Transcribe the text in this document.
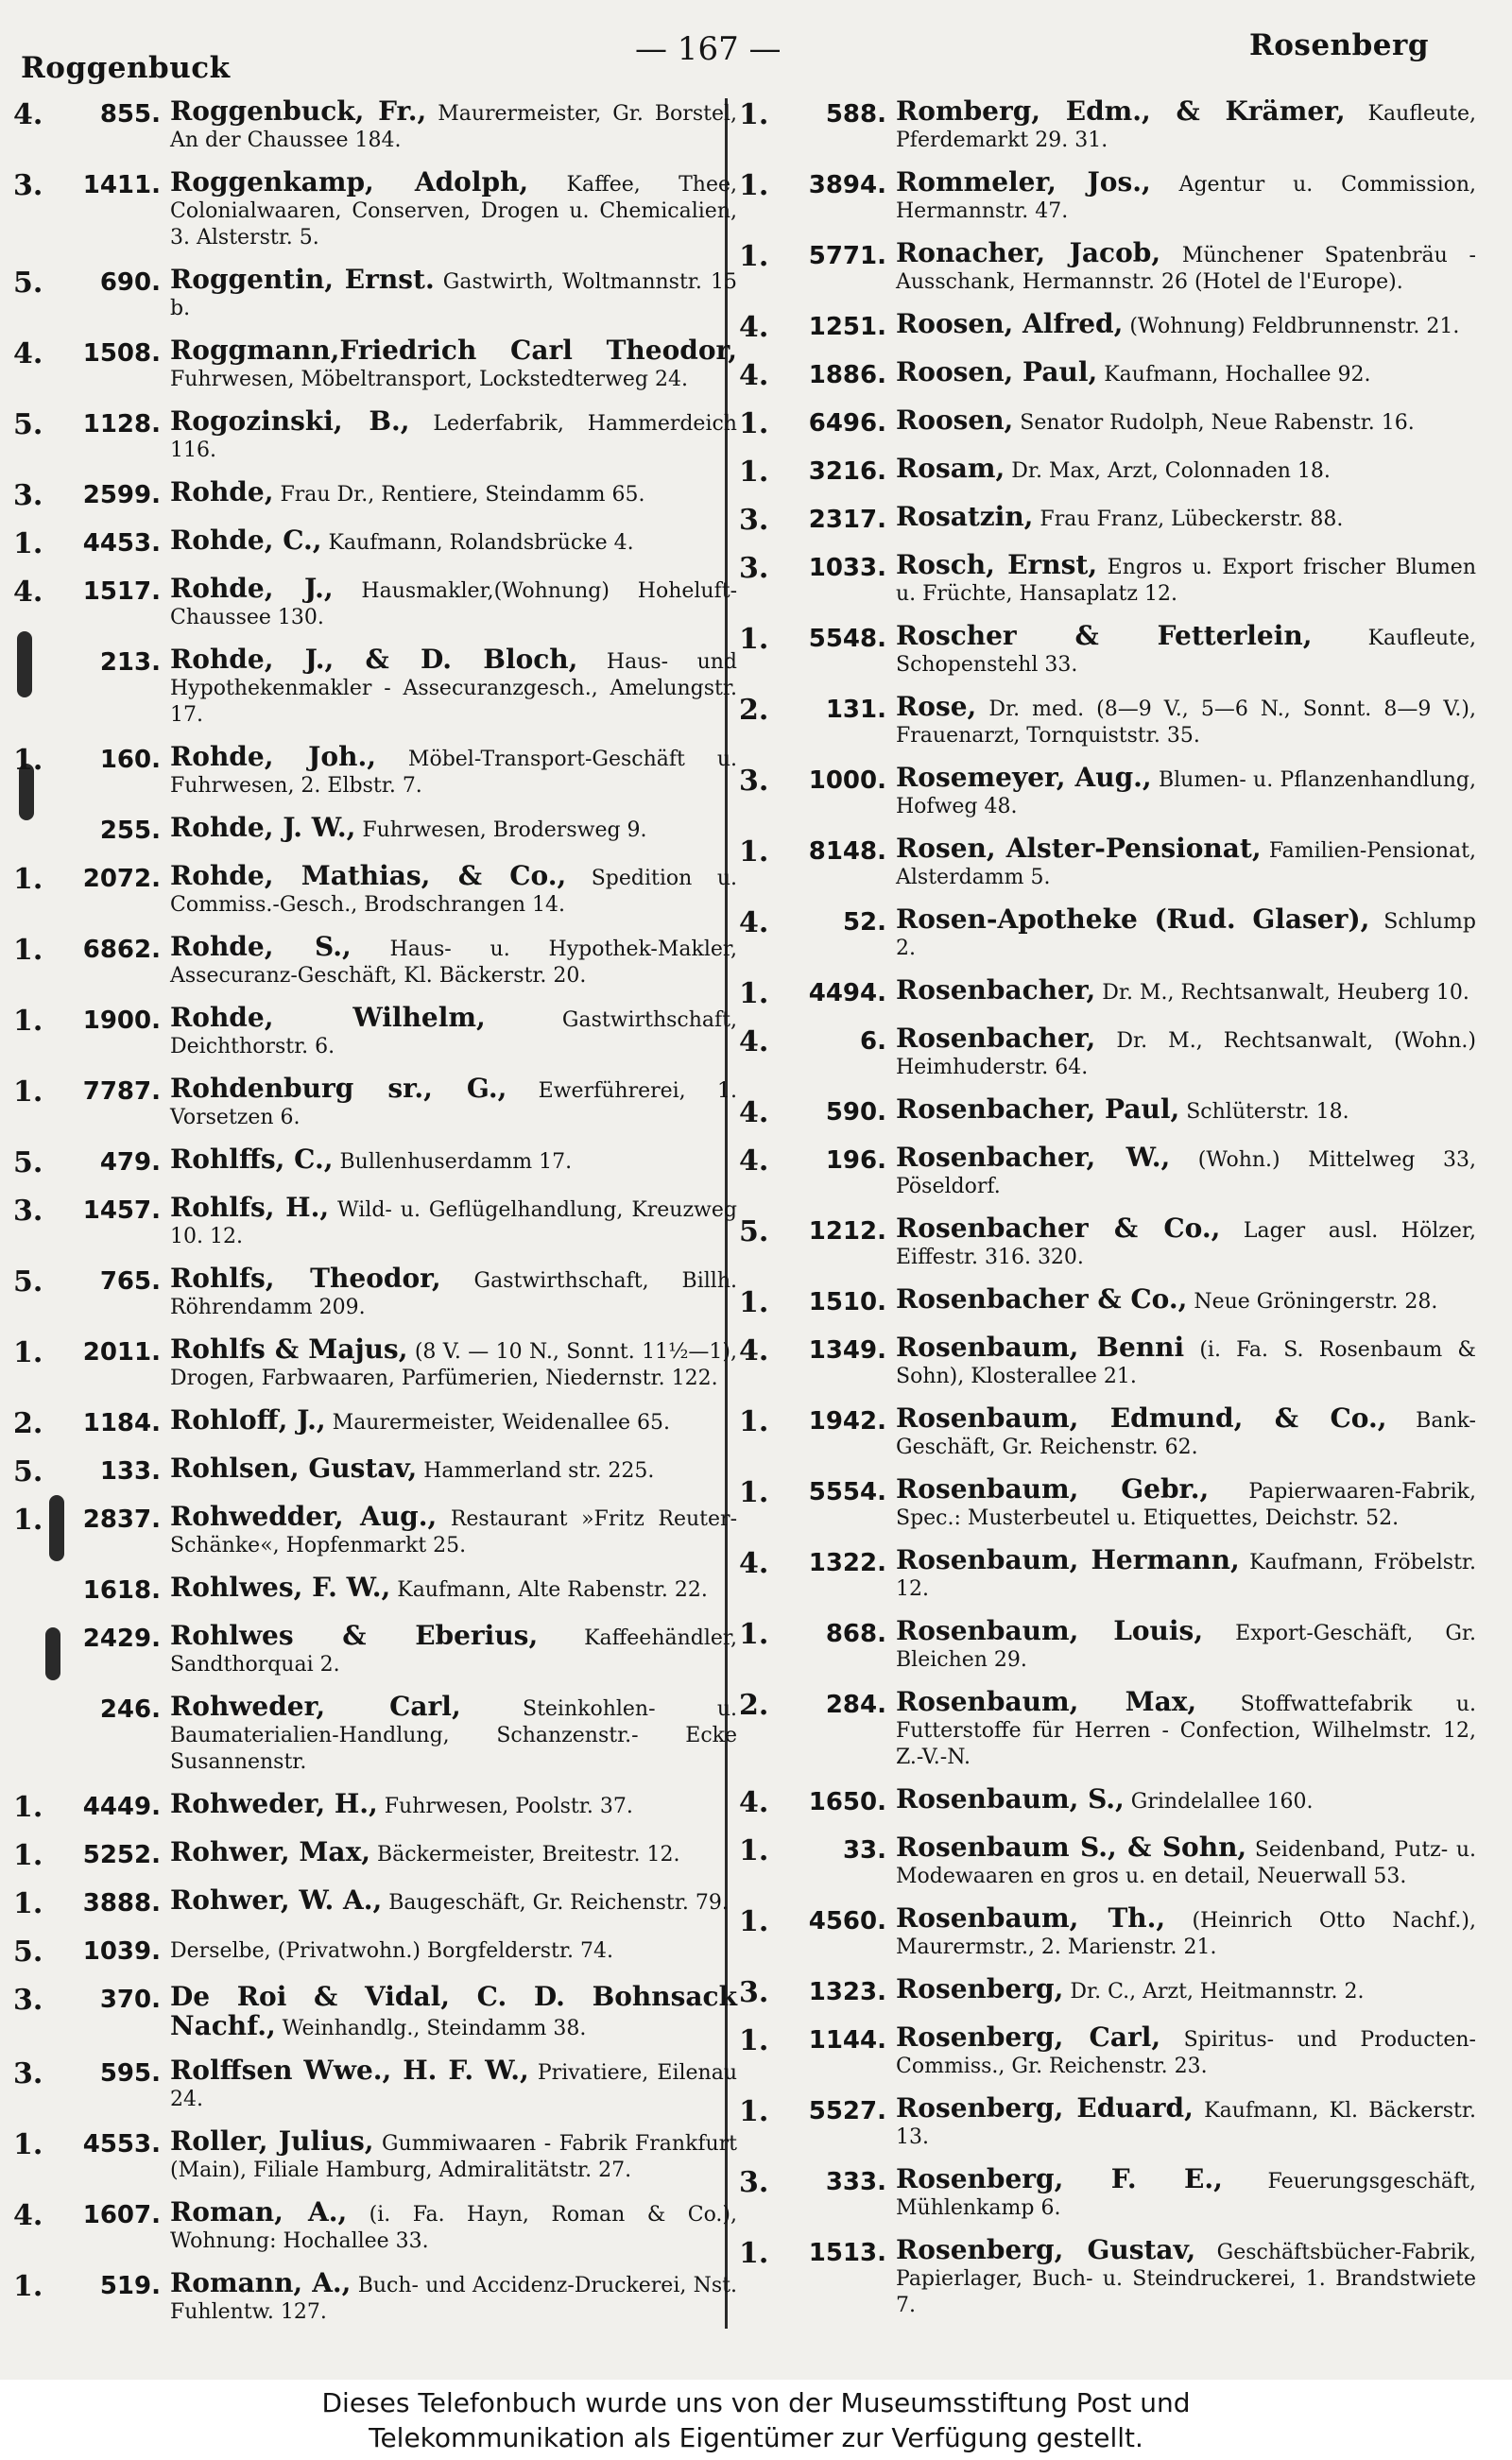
Roggenbuck	— 167 —	Rosenberg
4.	855. Roggenbuck, Fr., Maurermeister, Gr. Borstel, An der Chaussee 184.
3.	1411. Roggenkamp, Adolph, Kaffee, Thee, Colonialwaaren, Conserven, Drogen u. Chemicalien, 3. Alsterstr. 5.
5.	690. Roggentin, Ernst. Gastwirth, Woltmannstr. 15 b.
4.	1508. Roggmann,Friedrich Carl Theodor, Fuhrwesen, Möbeltransport, Lockstedterweg 24.
5.	1128. Rogozinski, B., Lederfabrik, Hammerdeich 116.
3.	2599. Rohde, Frau Dr., Rentiere, Steindamm 65.
1.	4453. Rohde, C., Kaufmann, Rolandsbrücke 4.
4.	1517. Rohde, J., Hausmakler,(Wohnung) Hoheluft-Chaussee 130.
213. Rohde, J., & D. Bloch, Haus- und Hypothekenmakler - Assecuranzgesch., Amelungstr. 17.
1.	160. Rohde, Joh., Möbel-Transport-Geschäft u. Fuhrwesen, 2. Elbstr. 7.
255. Rohde, J. W., Fuhrwesen, Brodersweg 9.
1.	2072. Rohde, Mathias, & Co., Spedition u. Commiss.-Gesch., Brodschrangen 14.
1.	6862. Rohde, S., Haus- u. Hypothek-Makler, Assecuranz-Geschäft, Kl. Bäckerstr. 20.
1.	1900. Rohde, Wilhelm, Gastwirthschaft, Deichthorstr. 6.
1.	7787. Rohdenburg sr., G., Ewerführerei, 1. Vorsetzen 6.
5.	479. Rohlffs, C., Bullenhuserdamm 17.
3.	1457. Rohlfs, H., Wild- u. Geflügelhandlung, Kreuzweg 10. 12.
5.	765. Rohlfs, Theodor, Gastwirthschaft, Billh. Röhrendamm 209.
1.	2011. Rohlfs & Majus, (8 V. — 10 N., Sonnt. 11½—1), Drogen, Farbwaaren, Parfümerien, Niedernstr. 122.
2.	1184. Rohloff, J., Maurermeister, Weidenallee 65.
5.	133. Rohlsen, Gustav, Hammerland str. 225.
1.	2837. Rohwedder, Aug., Restaurant »Fritz Reuter-Schänke«, Hopfenmarkt 25.
1618. Rohlwes, F. W., Kaufmann, Alte Rabenstr. 22.
2429. Rohlwes & Eberius, Kaffeehändler, Sandthorquai 2.
246. Rohweder, Carl, Steinkohlen- u. Baumaterialien-Handlung, Schanzenstr.- Ecke Susannenstr.
1.	4449. Rohweder, H., Fuhrwesen, Poolstr. 37.
1.	5252. Rohwer, Max, Bäckermeister, Breitestr. 12.
1.	3888. Rohwer, W. A., Baugeschäft, Gr. Reichenstr. 79.
5.	1039. Derselbe, (Privatwohn.) Borgfelderstr. 74.
3.	370. De Roi & Vidal, C. D. Bohnsack Nachf., Weinhandlg., Steindamm 38.
3.	595. Rolffsen Wwe., H. F. W., Privatiere, Eilenau 24.
1.	4553. Roller, Julius, Gummiwaaren - Fabrik Frankfurt (Main), Filiale Hamburg, Admiralitätstr. 27.
4.	1607. Roman, A., (i. Fa. Hayn, Roman & Co.), Wohnung: Hochallee 33.
1.	519. Romann, A., Buch- und Accidenz-Druckerei, Nst. Fuhlentw. 127.
1.	588. Romberg, Edm., & Krämer, Kaufleute, Pferdemarkt 29. 31.
1.	3894. Rommeler, Jos., Agentur u. Commission, Hermannstr. 47.
1.	5771. Ronacher, Jacob, Münchener Spatenbräu - Ausschank, Hermannstr. 26 (Hotel de l'Europe).
4.	1251. Roosen, Alfred, (Wohnung) Feldbrunnenstr. 21.
4.	1886. Roosen, Paul, Kaufmann, Hochallee 92.
1.	6496. Roosen, Senator Rudolph, Neue Rabenstr. 16.
1.	3216. Rosam, Dr. Max, Arzt, Colonnaden 18.
3.	2317. Rosatzin, Frau Franz, Lübeckerstr. 88.
3.	1033. Rosch, Ernst, Engros u. Export frischer Blumen u. Früchte, Hansaplatz 12.
1.	5548. Roscher & Fetterlein, Kaufleute, Schopenstehl 33.
2.	131. Rose, Dr. med. (8—9 V., 5—6 N., Sonnt. 8—9 V.), Frauenarzt, Tornquiststr. 35.
3.	1000. Rosemeyer, Aug., Blumen- u. Pflanzenhandlung, Hofweg 48.
1.	8148. Rosen, Alster-Pensionat, Familien-Pensionat, Alsterdamm 5.
4.	52. Rosen-Apotheke (Rud. Glaser), Schlump 2.
1.	4494. Rosenbacher, Dr. M., Rechtsanwalt, Heuberg 10.
4.	6. Rosenbacher, Dr. M., Rechtsanwalt, (Wohn.) Heimhuderstr. 64.
4.	590. Rosenbacher, Paul, Schlüterstr. 18.
4.	196. Rosenbacher, W., (Wohn.) Mittelweg 33, Pöseldorf.
5.	1212. Rosenbacher & Co., Lager ausl. Hölzer, Eiffestr. 316. 320.
1.	1510. Rosenbacher & Co., Neue Gröningerstr. 28.
4.	1349. Rosenbaum, Benni (i. Fa. S. Rosenbaum & Sohn), Klosterallee 21.
1.	1942. Rosenbaum, Edmund, & Co., Bank-Geschäft, Gr. Reichenstr. 62.
1.	5554. Rosenbaum, Gebr., Papierwaaren-Fabrik, Spec.: Musterbeutel u. Etiquettes, Deichstr. 52.
4.	1322. Rosenbaum, Hermann, Kaufmann, Fröbelstr. 12.
1.	868. Rosenbaum, Louis, Export-Geschäft, Gr. Bleichen 29.
2.	284. Rosenbaum, Max, Stoffwattefabrik u. Futterstoffe für Herren - Confection, Wilhelmstr. 12, Z.-V.-N.
4.	1650. Rosenbaum, S., Grindelallee 160.
1.	33. Rosenbaum S., & Sohn, Seidenband, Putz- u. Modewaaren en gros u. en detail, Neuerwall 53.
1.	4560. Rosenbaum, Th., (Heinrich Otto Nachf.), Maurermstr., 2. Marienstr. 21.
3.	1323. Rosenberg, Dr. C., Arzt, Heitmannstr. 2.
1.	1144. Rosenberg, Carl, Spiritus- und Producten-Commiss., Gr. Reichenstr. 23.
1.	5527. Rosenberg, Eduard, Kaufmann, Kl. Bäckerstr. 13.
3.	333. Rosenberg, F. E., Feuerungsgeschäft, Mühlenkamp 6.
1.	1513. Rosenberg, Gustav, Geschäftsbücher-Fabrik, Papierlager, Buch- u. Steindruckerei, 1. Brandstwiete 7.
Dieses Telefonbuch wurde uns von der Museumsstiftung Post und
Telekommunikation als Eigentümer zur Verfügung gestellt.
